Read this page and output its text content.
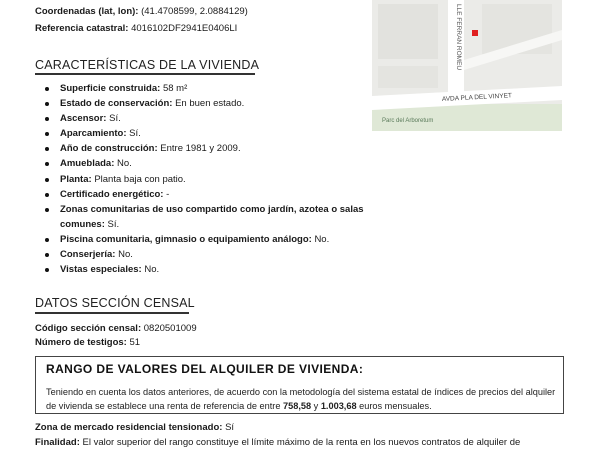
Coordenadas (lat, lon): (41.4708599, 2.0884129)
Referencia catastral: 4016102DF2941E0406LI	LLE FERRAN ROMEU
AVDA PLA DEL VINYET
Parc del Arboretum
CARACTERÍSTICAS DE LA VIVIENDA
Superficie construida: 58 m²
Estado de conservación: En buen estado.
Ascensor: Sí.
Aparcamiento: Sí.
Año de construcción: Entre 1981 y 2009.
Amueblada: No.
Planta: Planta baja con patio.
Certificado energético: -
Zonas comunitarias de uso compartido como jardín, azotea o salas comunes: Sí.
Piscina comunitaria, gimnasio o equipamiento análogo: No.
Conserjería: No.
Vistas especiales: No.
DATOS SECCIÓN CENSAL
Código sección censal: 0820501009
Número de testigos: 51
RANGO DE VALORES DEL ALQUILER DE VIVIENDA:
Teniendo en cuenta los datos anteriores, de acuerdo con la metodología del sistema estatal de índices de precios del alquiler de vivienda se establece una renta de referencia de entre 758,58 y 1.003,68 euros mensuales.
Zona de mercado residencial tensionado: Sí
Finalidad: El valor superior del rango constituye el límite máximo de la renta en los nuevos contratos de alquiler de
